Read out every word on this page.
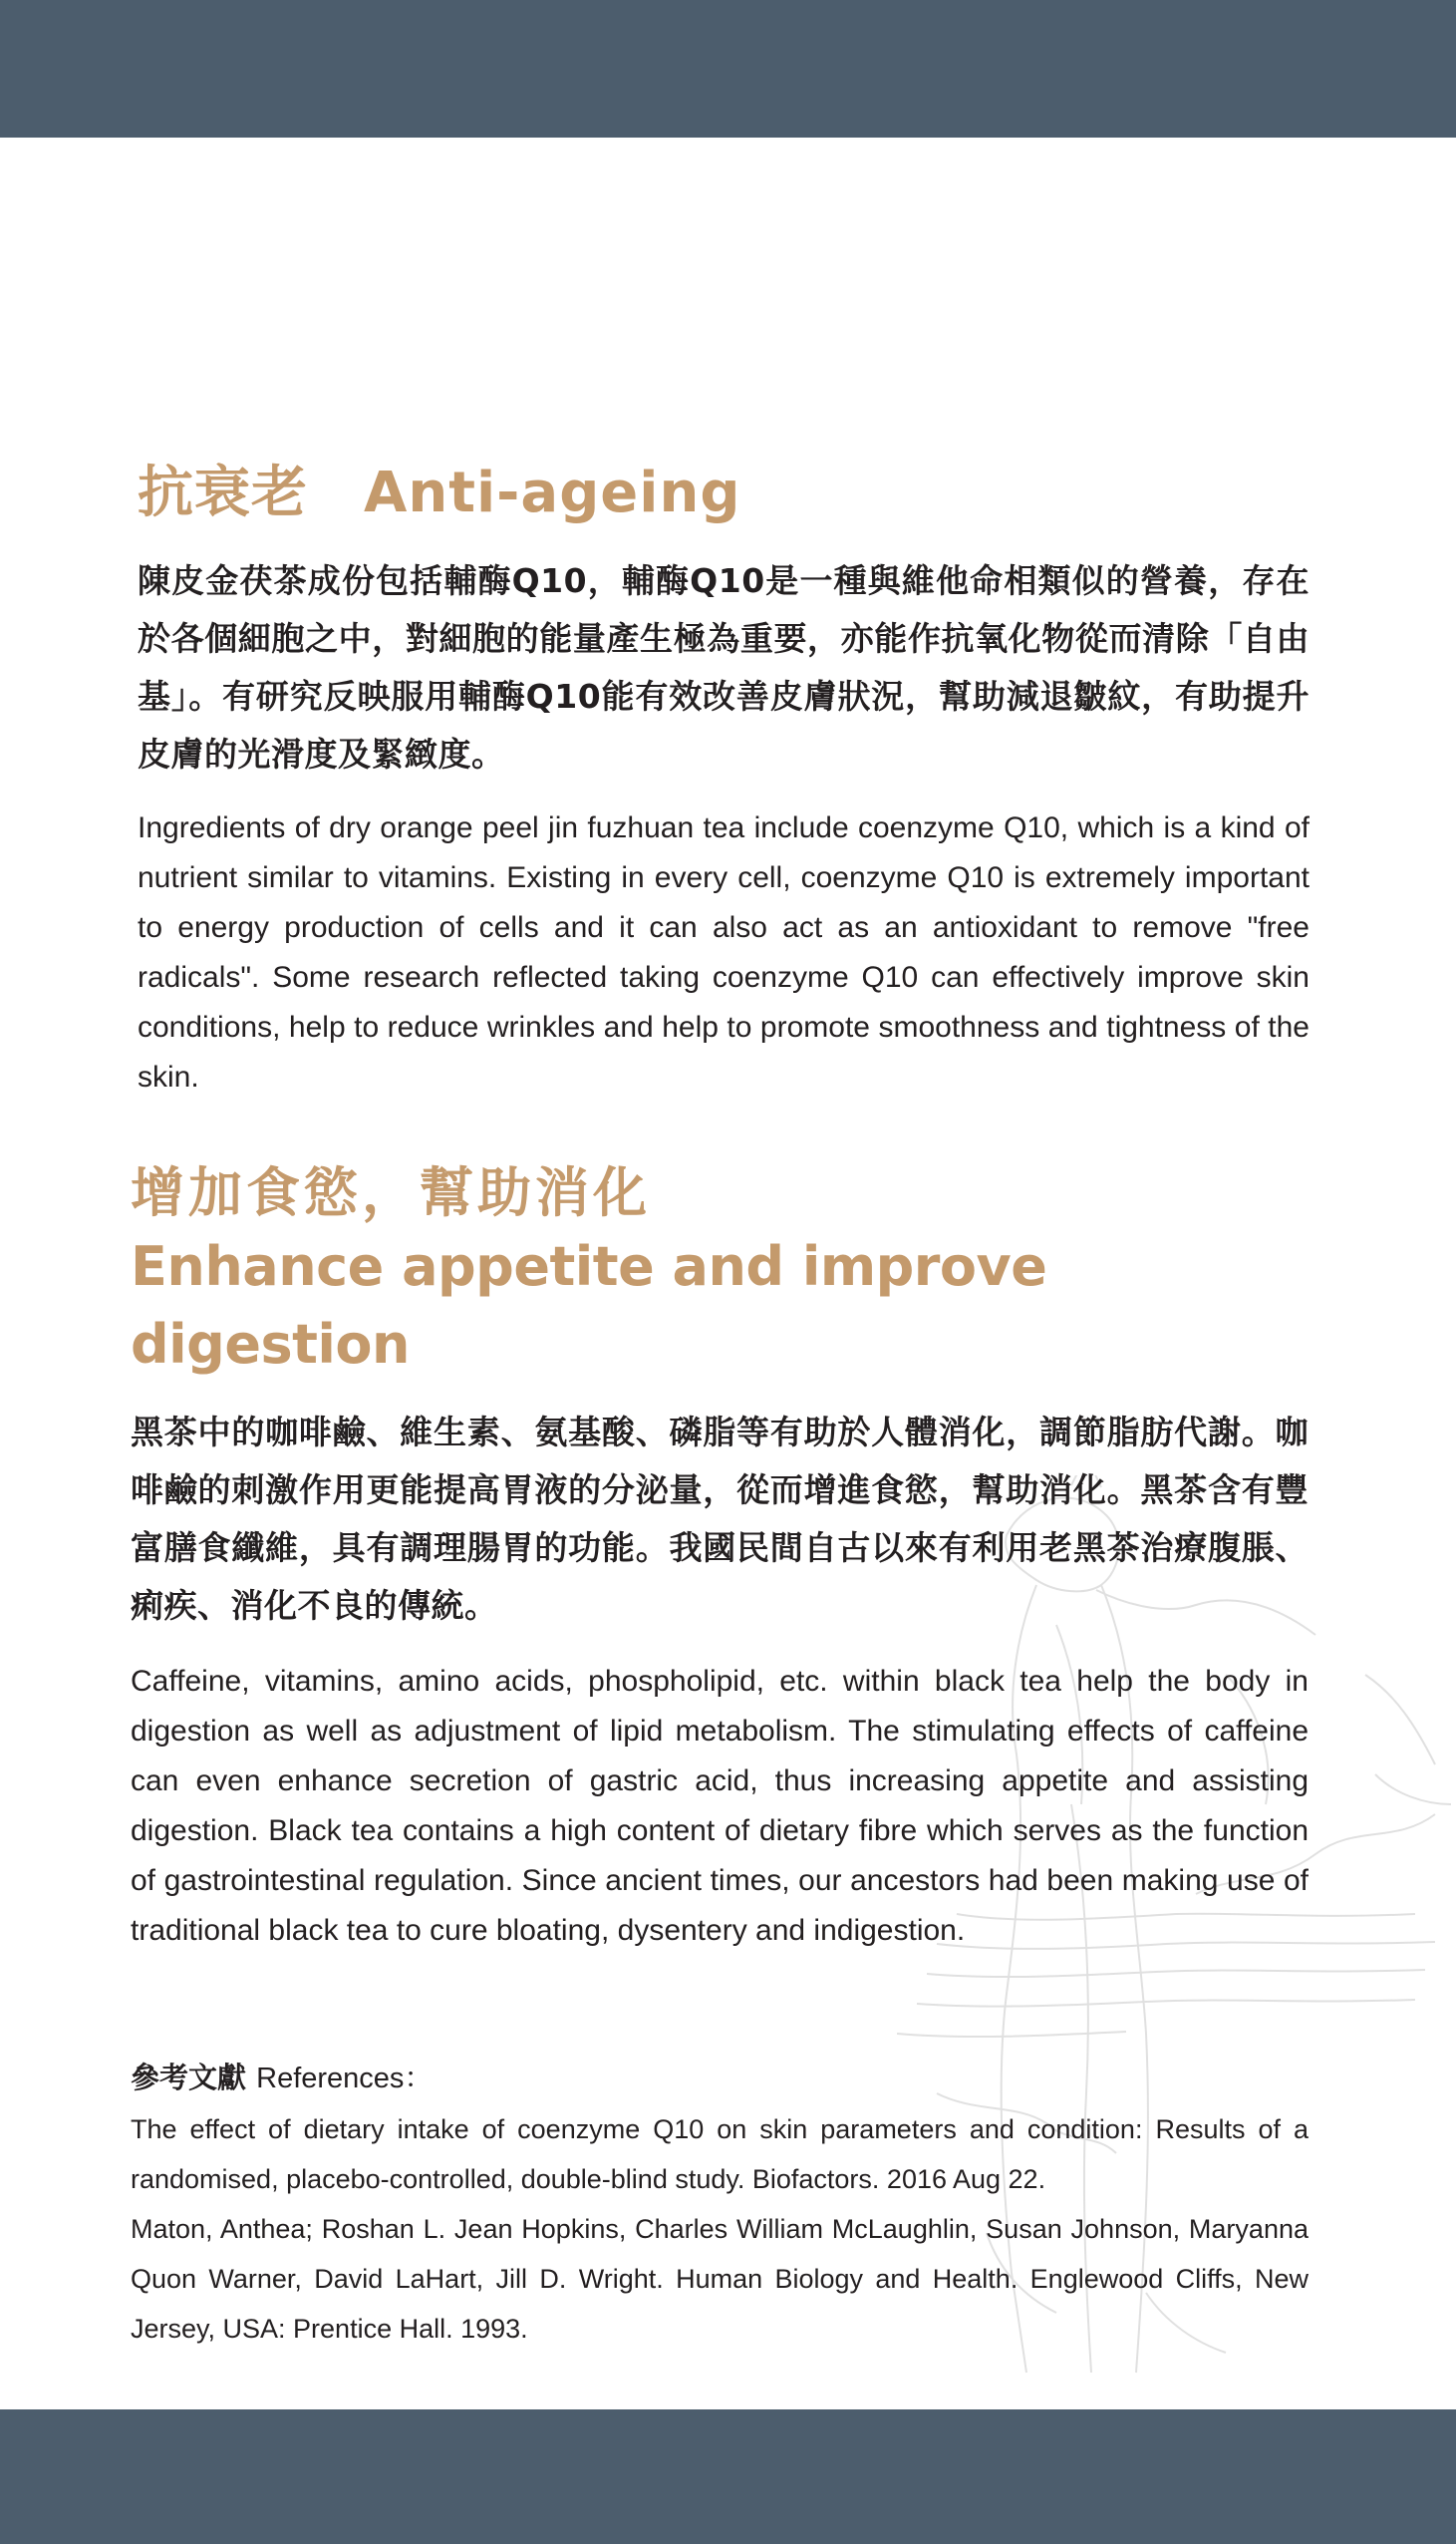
抗衰老 Anti-ageing

陳皮金茯茶成份包括輔酶Q10，輔酶Q10是一種與維他命相類似的營養，存在於各個細胞之中，對細胞的能量產生極為重要，亦能作抗氧化物從而清除「自由基」。有研究反映服用輔酶Q10能有效改善皮膚狀況，幫助減退皺紋，有助提升皮膚的光滑度及緊緻度。

Ingredients of dry orange peel jin fuzhuan tea include coenzyme Q10, which is a kind of nutrient similar to vitamins. Existing in every cell, coenzyme Q10 is extremely important to energy production of cells and it can also act as an antioxidant to remove "free radicals". Some research reflected taking coenzyme Q10 can effectively improve skin conditions, help to reduce wrinkles and help to promote smoothness and tightness of the skin.

增加食慾，幫助消化
Enhance appetite and improve digestion

黑茶中的咖啡鹼、維生素、氨基酸、磷脂等有助於人體消化，調節脂肪代謝。咖啡鹼的刺激作用更能提高胃液的分泌量，從而增進食慾，幫助消化。黑茶含有豐富膳食纖維，具有調理腸胃的功能。我國民間自古以來有利用老黑茶治療腹脹、痢疾、消化不良的傳統。

Caffeine, vitamins, amino acids, phospholipid, etc. within black tea help the body in digestion as well as adjustment of lipid metabolism. The stimulating effects of caffeine can even enhance secretion of gastric acid, thus increasing appetite and assisting digestion. Black tea contains a high content of dietary fibre which serves as the function of gastrointestinal regulation. Since ancient times, our ancestors had been making use of traditional black tea to cure bloating, dysentery and indigestion.

參考文獻 References：

The effect of dietary intake of coenzyme Q10 on skin parameters and condition: Results of a randomised, placebo-controlled, double-blind study. Biofactors. 2016 Aug 22.

Maton, Anthea; Roshan L. Jean Hopkins, Charles William McLaughlin, Susan Johnson, Maryanna Quon Warner, David LaHart, Jill D. Wright. Human Biology and Health. Englewood Cliffs, New Jersey, USA: Prentice Hall. 1993.
